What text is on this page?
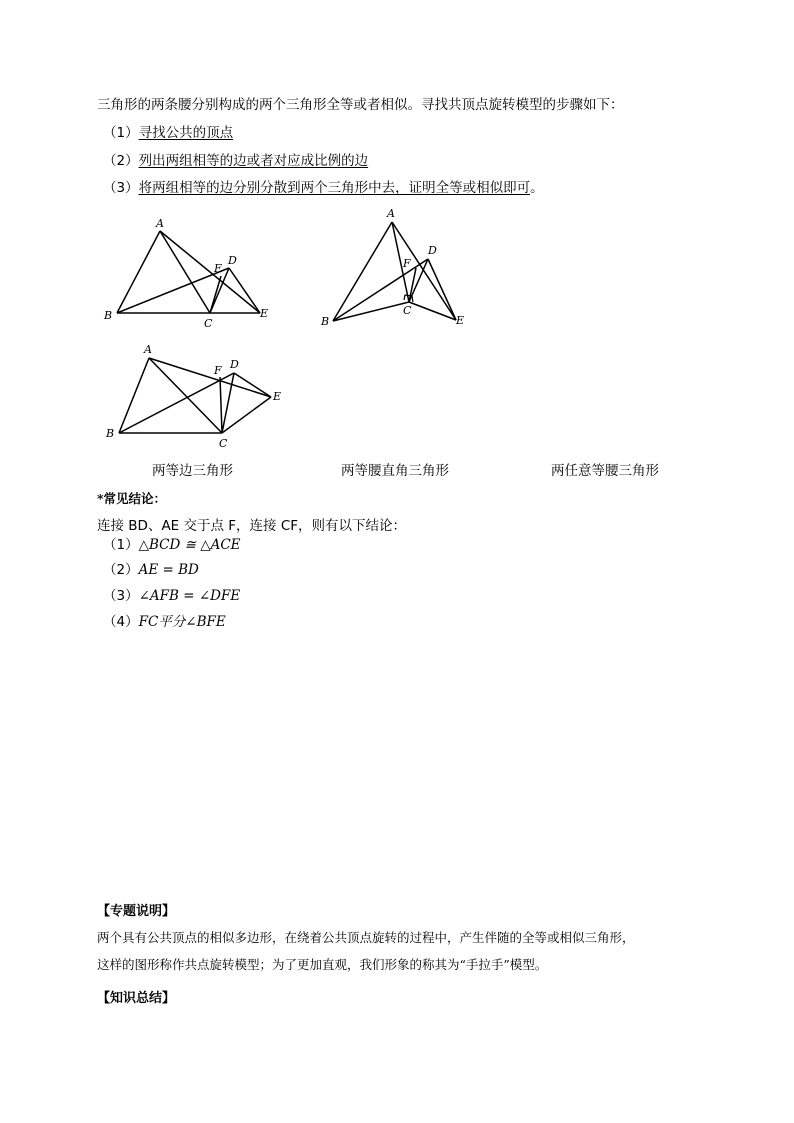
三角形的两条腰分别构成的两个三角形全等或者相似。寻找共顶点旋转模型的步骤如下：
（1）寻找公共的顶点
（2）列出两组相等的边或者对应成比例的边
（3）将两组相等的边分别分散到两个三角形中去，证明全等或相似即可。
A
B
C
D
E
F
A
B
C
D
E
F
A
B
C
D
E
F
两等边三角形	两等腰直角三角形	两任意等腰三角形
*常见结论：
连接 BD、AE 交于点 F，连接 CF，则有以下结论：
（1）△BCD ≅ △ACE
（2）AE = BD
（3）∠AFB = ∠DFE
（4）FC平分∠BFE
【专题说明】
两个具有公共顶点的相似多边形，在绕着公共顶点旋转的过程中，产生伴随的全等或相似三角形，
这样的图形称作共点旋转模型；为了更加直观，我们形象的称其为“手拉手”模型。
【知识总结】
